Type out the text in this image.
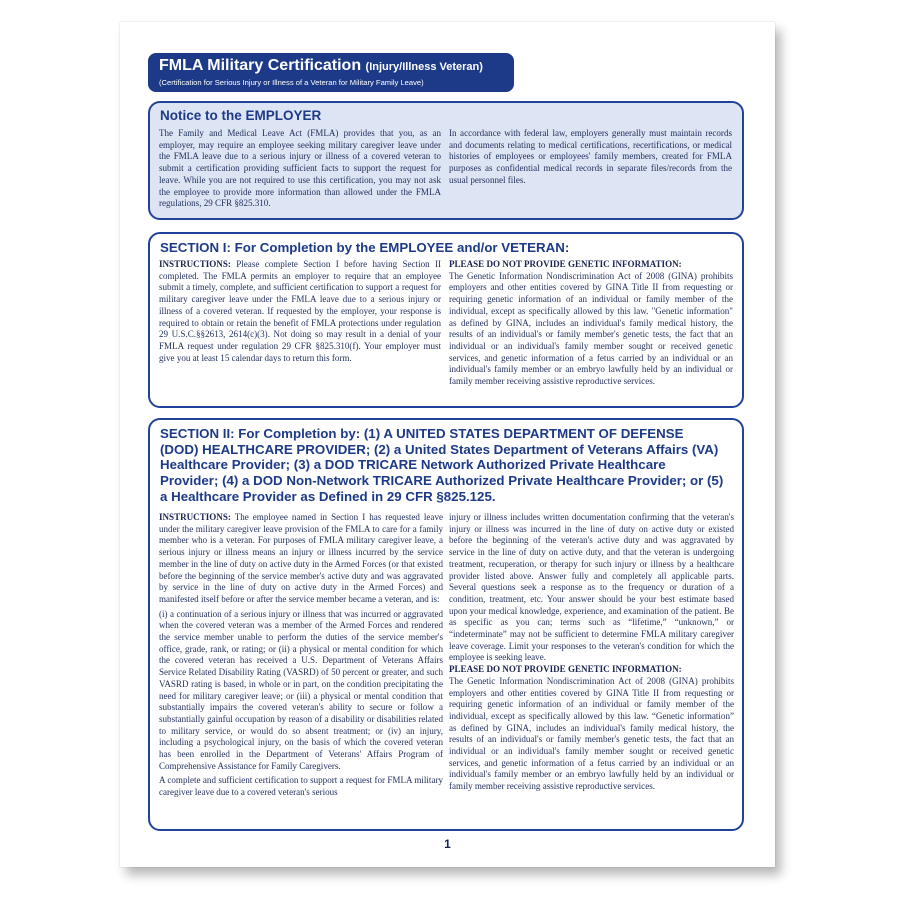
FMLA Military Certification (Injury/Illness Veteran)
(Certification for Serious Injury or Illness of a Veteran for Military Family Leave)
Notice to the EMPLOYER

The Family and Medical Leave Act (FMLA) provides that you, as an employer, may require an employee seeking military caregiver leave under the FMLA leave due to a serious injury or illness of a covered veteran to submit a certification providing sufficient facts to support the request for leave. While you are not required to use this certification, you may not ask the employee to provide more information than allowed under the FMLA regulations, 29 CFR §825.310.

In accordance with federal law, employers generally must maintain records and documents relating to medical certifications, recertifications, or medical histories of employees or employees' family members, created for FMLA purposes as confidential medical records in separate files/records from the usual personnel files.

SECTION I: For Completion by the EMPLOYEE and/or VETERAN:

INSTRUCTIONS: Please complete Section I before having Section II completed. The FMLA permits an employer to require that an employee submit a timely, complete, and sufficient certification to support a request for military caregiver leave under the FMLA leave due to a serious injury or illness of a covered veteran. If requested by the employer, your response is required to obtain or retain the benefit of FMLA protections under regulation 29 U.S.C.§§2613, 2614(c)(3). Not doing so may result in a denial of your FMLA request under regulation 29 CFR §825.310(f). Your employer must give you at least 15 calendar days to return this form.

PLEASE DO NOT PROVIDE GENETIC INFORMATION:
The Genetic Information Nondiscrimination Act of 2008 (GINA) prohibits employers and other entities covered by GINA Title II from requesting or requiring genetic information of an individual or family member of the individual, except as specifically allowed by this law. "Genetic information" as defined by GINA, includes an individual's family medical history, the results of an individual's or family member's genetic tests, the fact that an individual or an individual's family member sought or received genetic services, and genetic information of a fetus carried by an individual or an individual's family member or an embryo lawfully held by an individual or family member receiving assistive reproductive services.

SECTION II: For Completion by: (1) A UNITED STATES DEPARTMENT OF DEFENSE (DOD) HEALTHCARE PROVIDER; (2) a United States Department of Veterans Affairs (VA) Healthcare Provider; (3) a DOD TRICARE Network Authorized Private Healthcare Provider; (4) a DOD Non-Network TRICARE Authorized Private Healthcare Provider; or (5) a Healthcare Provider as Defined in 29 CFR §825.125.

INSTRUCTIONS: The employee named in Section I has requested leave under the military caregiver leave provision of the FMLA to care for a family member who is a veteran. For purposes of FMLA military caregiver leave, a serious injury or illness means an injury or illness incurred by the service member in the line of duty on active duty in the Armed Forces (or that existed before the beginning of the service member's active duty and was aggravated by service in the line of duty on active duty in the Armed Forces) and manifested itself before or after the service member became a veteran, and is:

(i) a continuation of a serious injury or illness that was incurred or aggravated when the covered veteran was a member of the Armed Forces and rendered the service member unable to perform the duties of the service member's office, grade, rank, or rating; or (ii) a physical or mental condition for which the covered veteran has received a U.S. Department of Veterans Affairs Service Related Disability Rating (VASRD) of 50 percent or greater, and such VASRD rating is based, in whole or in part, on the condition precipitating the need for military caregiver leave; or (iii) a physical or mental condition that substantially impairs the covered veteran's ability to secure or follow a substantially gainful occupation by reason of a disability or disabilities related to military service, or would do so absent treatment; or (iv) an injury, including a psychological injury, on the basis of which the covered veteran has been enrolled in the Department of Veterans' Affairs Program of Comprehensive Assistance for Family Caregivers.

A complete and sufficient certification to support a request for FMLA military caregiver leave due to a covered veteran's serious

injury or illness includes written documentation confirming that the veteran's injury or illness was incurred in the line of duty on active duty or existed before the beginning of the veteran's active duty and was aggravated by service in the line of duty on active duty, and that the veteran is undergoing treatment, recuperation, or therapy for such injury or illness by a healthcare provider listed above. Answer fully and completely all applicable parts. Several questions seek a response as to the frequency or duration of a condition, treatment, etc. Your answer should be your best estimate based upon your medical knowledge, experience, and examination of the patient. Be as specific as you can; terms such as “lifetime,” “unknown,” or “indeterminate” may not be sufficient to determine FMLA military caregiver leave coverage. Limit your responses to the veteran's condition for which the employee is seeking leave.

PLEASE DO NOT PROVIDE GENETIC INFORMATION:
The Genetic Information Nondiscrimination Act of 2008 (GINA) prohibits employers and other entities covered by GINA Title II from requesting or requiring genetic information of an individual or family member of the individual, except as specifically allowed by this law. “Genetic information” as defined by GINA, includes an individual's family medical history, the results of an individual's or family member's genetic tests, the fact that an individual or an individual's family member sought or received genetic services, and genetic information of a fetus carried by an individual or an individual's family member or an embryo lawfully held by an individual or family member receiving assistive reproductive services.

1
